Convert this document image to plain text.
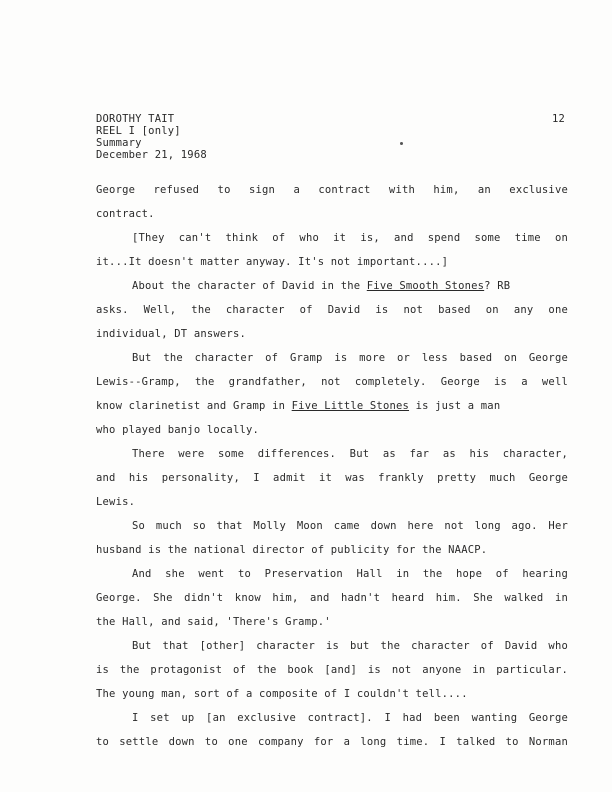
DOROTHY TAIT
REEL I [only]
Summary
December 21, 1968
12
George refused to sign a contract with him, an exclusive
contract.
[They can't think of who it is, and spend some time on
it...It doesn't matter anyway. It's not important....]
About the character of David in the Five Smooth Stones? RB
asks. Well, the character of David is not based on any one
individual, DT answers.
But the character of Gramp is more or less based on George
Lewis--Gramp, the grandfather, not completely. George is a well
know clarinetist and Gramp in Five Little Stones is just a man
who played banjo locally.
There were some differences. But as far as his character,
and his personality, I admit it was frankly pretty much George
Lewis.
So much so that Molly Moon came down here not long ago. Her
husband is the national director of publicity for the NAACP.
And she went to Preservation Hall in the hope of hearing
George. She didn't know him, and hadn't heard him. She walked in
the Hall, and said, 'There's Gramp.'
But that [other] character is but the character of David who
is the protagonist of the book [and] is not anyone in particular.
The young man, sort of a composite of I couldn't tell....
I set up [an exclusive contract]. I had been wanting George
to settle down to one company for a long time. I talked to Norman
